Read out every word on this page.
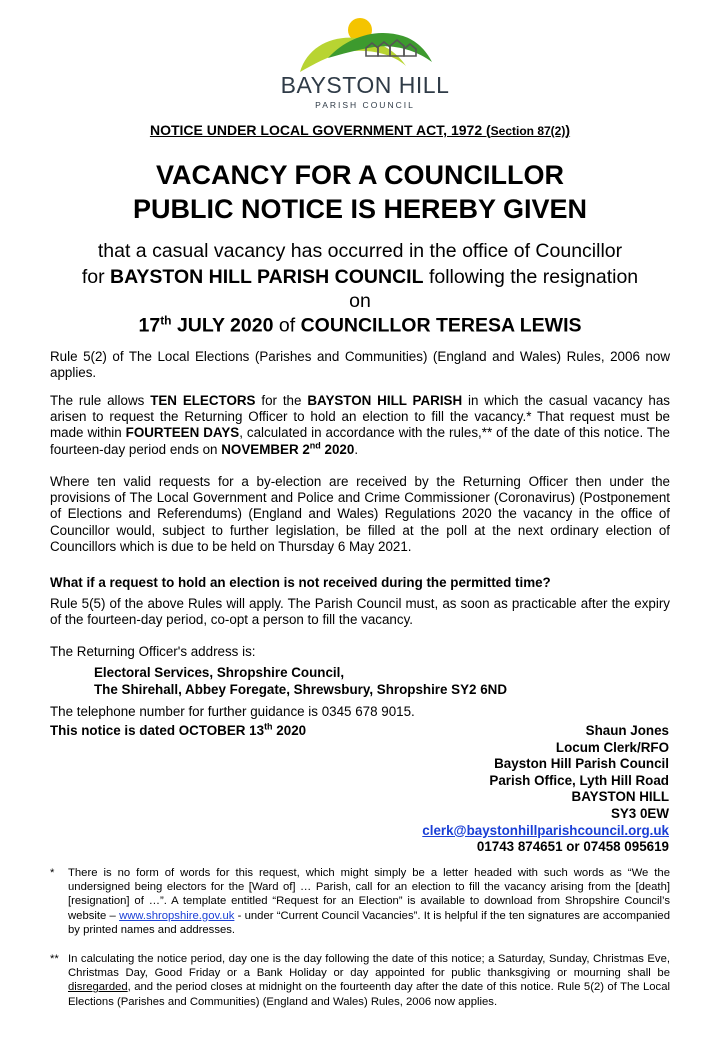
BAYSTON HILL
PARISH COUNCIL
NOTICE UNDER LOCAL GOVERNMENT ACT, 1972 (Section 87(2))
VACANCY FOR A COUNCILLOR
PUBLIC NOTICE IS HEREBY GIVEN
that a casual vacancy has occurred in the office of Councillor
for BAYSTON HILL PARISH COUNCIL following the resignation
on
17th JULY 2020 of COUNCILLOR TERESA LEWIS
Rule 5(2) of The Local Elections (Parishes and Communities) (England and Wales) Rules, 2006 now applies.
The rule allows TEN ELECTORS for the BAYSTON HILL PARISH in which the casual vacancy has arisen to request the Returning Officer to hold an election to fill the vacancy.* That request must be made within FOURTEEN DAYS, calculated in accordance with the rules,** of the date of this notice. The fourteen-day period ends on NOVEMBER 2nd 2020.
Where ten valid requests for a by-election are received by the Returning Officer then under the provisions of The Local Government and Police and Crime Commissioner (Coronavirus) (Postponement of Elections and Referendums) (England and Wales) Regulations 2020 the vacancy in the office of Councillor would, subject to further legislation, be filled at the poll at the next ordinary election of Councillors which is due to be held on Thursday 6 May 2021.
What if a request to hold an election is not received during the permitted time?
Rule 5(5) of the above Rules will apply. The Parish Council must, as soon as practicable after the expiry of the fourteen-day period, co-opt a person to fill the vacancy.
The Returning Officer's address is:
Electoral Services, Shropshire Council,
The Shirehall, Abbey Foregate, Shrewsbury, Shropshire SY2 6ND
The telephone number for further guidance is 0345 678 9015.
This notice is dated OCTOBER 13th 2020	Shaun Jones
Locum Clerk/RFO
Bayston Hill Parish Council
Parish Office, Lyth Hill Road
BAYSTON HILL
SY3 0EW
clerk@baystonhillparishcouncil.org.uk
01743 874651 or 07458 095619
* There is no form of words for this request, which might simply be a letter headed with such words as “We the undersigned being electors for the [Ward of] … Parish, call for an election to fill the vacancy arising from the [death][resignation] of …”. A template entitled “Request for an Election” is available to download from Shropshire Council’s website – www.shropshire.gov.uk - under “Current Council Vacancies”. It is helpful if the ten signatures are accompanied by printed names and addresses.
** In calculating the notice period, day one is the day following the date of this notice; a Saturday, Sunday, Christmas Eve, Christmas Day, Good Friday or a Bank Holiday or day appointed for public thanksgiving or mourning shall be disregarded, and the period closes at midnight on the fourteenth day after the date of this notice. Rule 5(2) of The Local Elections (Parishes and Communities) (England and Wales) Rules, 2006 now applies.
